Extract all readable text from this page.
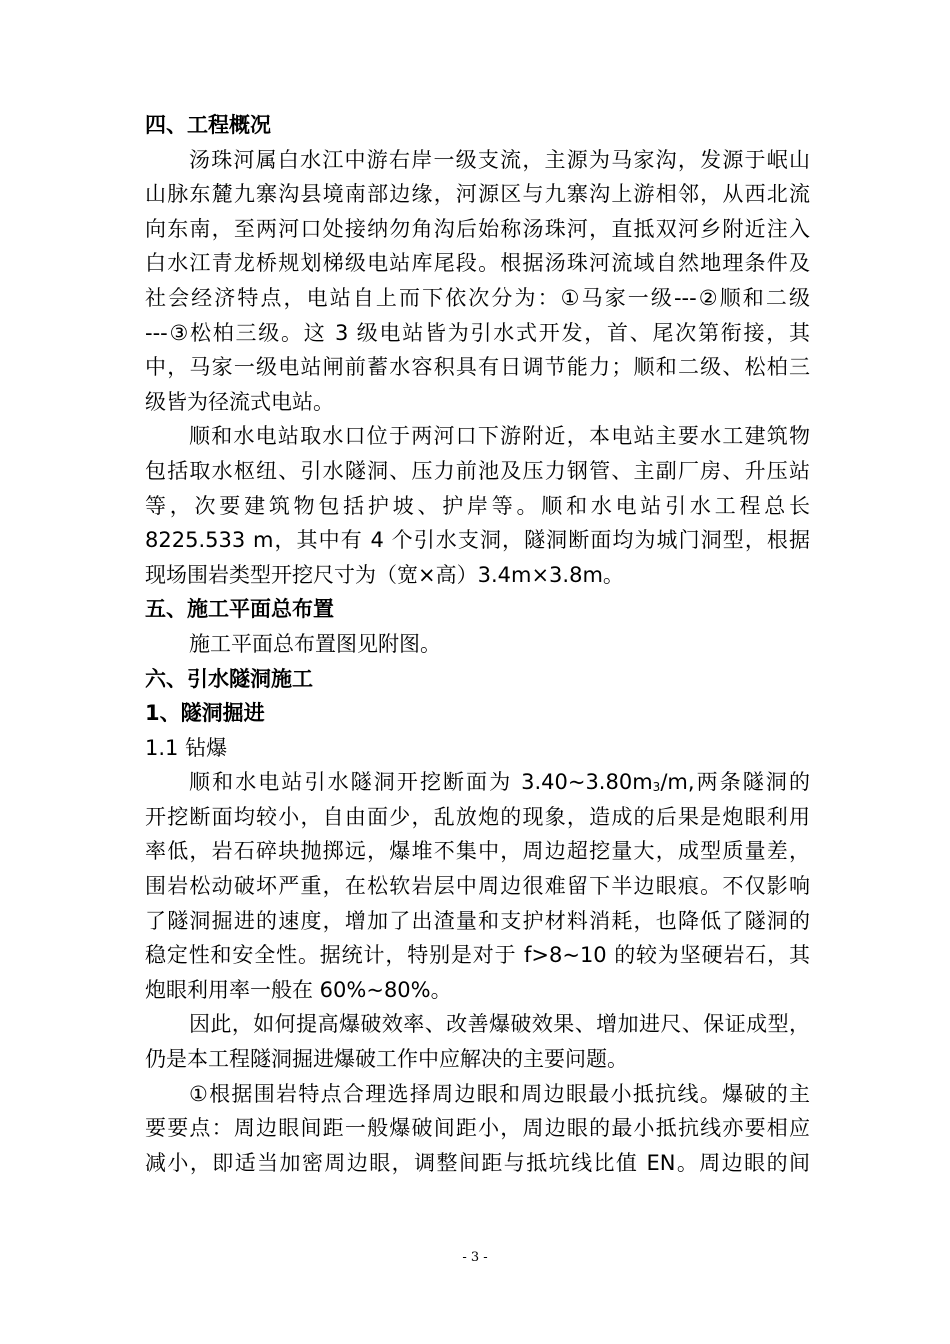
四、工程概况
汤珠河属白水江中游右岸一级支流，主源为马家沟，发源于岷山
山脉东麓九寨沟县境南部边缘，河源区与九寨沟上游相邻，从西北流
向东南，至两河口处接纳勿角沟后始称汤珠河，直抵双河乡附近注入
白水江青龙桥规划梯级电站库尾段。根据汤珠河流域自然地理条件及
社会经济特点，电站自上而下依次分为：①马家一级---②顺和二级
---③松柏三级。这 3 级电站皆为引水式开发，首、尾次第衔接，其
中，马家一级电站闸前蓄水容积具有日调节能力；顺和二级、松柏三
级皆为径流式电站。
顺和水电站取水口位于两河口下游附近，本电站主要水工建筑物
包括取水枢纽、引水隧洞、压力前池及压力钢管、主副厂房、升压站
等，次要建筑物包括护坡、护岸等。顺和水电站引水工程总长
8225.533 m，其中有 4 个引水支洞，隧洞断面均为城门洞型，根据
现场围岩类型开挖尺寸为（宽×高）3.4m×3.8m。
五、施工平面总布置
施工平面总布置图见附图。
六、引水隧洞施工
1、隧洞掘进
1.1 钻爆
顺和水电站引水隧洞开挖断面为 $3.40\sim 3.80m_3/m$,两条隧洞的
开挖断面均较小，自由面少，乱放炮的现象，造成的后果是炮眼利用
率低，岩石碎块抛掷远，爆堆不集中，周边超挖量大，成型质量差，
围岩松动破坏严重，在松软岩层中周边很难留下半边眼痕。不仅影响
了隧洞掘进的速度，增加了出渣量和支护材料消耗，也降低了隧洞的
稳定性和安全性。据统计，特别是对于 f>8~10 的较为坚硬岩石，其
炮眼利用率一般在 60%~80%。
因此，如何提高爆破效率、改善爆破效果、增加进尺、保证成型，
仍是本工程隧洞掘进爆破工作中应解决的主要问题。
①根据围岩特点合理选择周边眼和周边眼最小抵抗线。爆破的主
要要点：周边眼间距一般爆破间距小，周边眼的最小抵抗线亦要相应
减小，即适当加密周边眼，调整间距与抵坑线比值 EN。周边眼的间
- 3 -
